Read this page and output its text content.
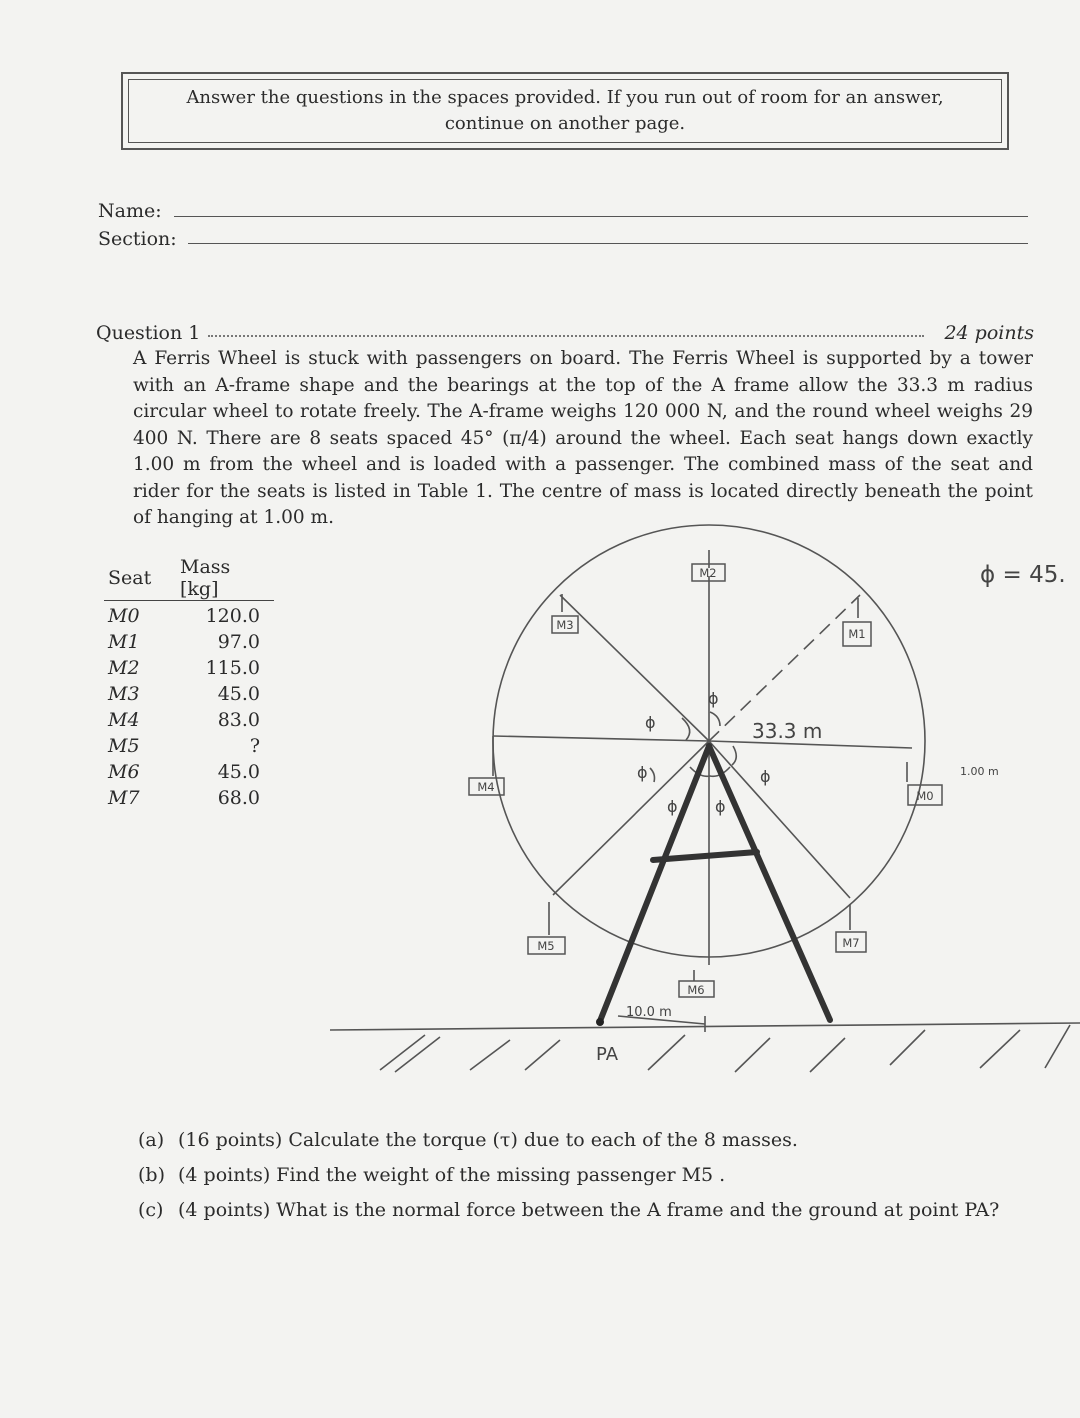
Answer the questions in the spaces provided. If you run out of room for an answer,
continue on another page.
Name:
Section:
Question 1	24 points
A Ferris Wheel is stuck with passengers on board. The Ferris Wheel is supported by a tower with an A-frame shape and the bearings at the top of the A frame allow the 33.3 m radius circular wheel to rotate freely. The A-frame weighs 120 000 N, and the round wheel weighs 29 400 N. There are 8 seats spaced 45° (π/4) around the wheel. Each seat hangs down exactly 1.00 m from the wheel and is loaded with a passenger. The combined mass of the seat and rider for the seats is listed in Table 1. The centre of mass is located directly beneath the point of hanging at 1.00 m.
Seat	Mass [kg]
M0	120.0
M1	97.0
M2	115.0
M3	45.0
M4	83.0
M5	?
M6	45.0
M7	68.0
M2
M3
M1
M4
M0
M5	M7
M6
ϕ = 45.
33.3 m
1.00 m
10.0 m
PA
ϕ
ϕ
ϕ	ϕ
ϕ ϕ
(a) (16 points) Calculate the torque (τ) due to each of the 8 masses.
(b) (4 points) Find the weight of the missing passenger M5 .
(c) (4 points) What is the normal force between the A frame and the ground at point PA?
